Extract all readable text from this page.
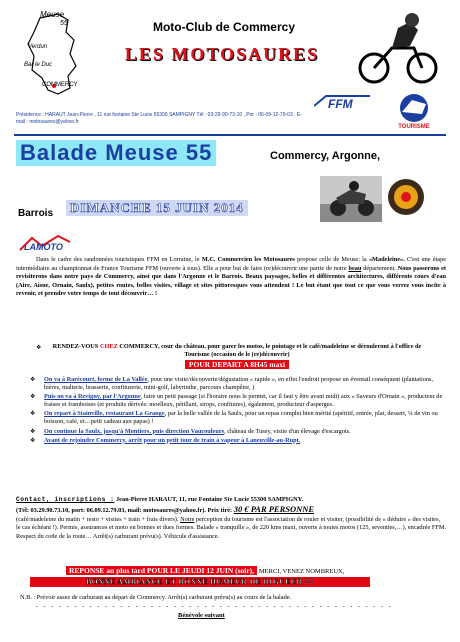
Meuse
55
Verdun
Bar le Duc
COMMERCY
Moto-Club de Commercy
LES MOTOSAURES
FFM
TOURISME
Présidence : HARAUT Jean-Pierre , 11 rue fontaine Ste Lucie 55300 SAMPIGNY Tél : 03-29-90-73-10 , Por : 06-09-12-79-03 , E-mail : motosaures@yahoo.fr
Balade Meuse 55	Commercy, Argonne,
Barrois	DIMANCHE 15 JUIN 2014
LAMOTO
Dans le cadre des randonnées touristiques FFM en Lorraine, le M.C. Commercien les Motosaures propose celle de Meuse: la «Madeleine». C'est une étape intermédiaire au championnat de France Tourisme FFM (ouverte à tous). Elle a pour but de faire (re)découvrir une partie de notre beau département. Nous passerons et revisiterons dans notre pays de Commercy, ainsi que dans l'Argonne et le Barrois. Beaux paysages, belles et différentes architectures, différents cours d'eau (Aire, Aisne, Ornain, Saulx), petites routes, belles visites, village et sites pittoresques vous attendent ! Le but étant que tout ce que vous verrez vous incite à revenir, et prendre votre temps de tout découvrir… !
❖	RENDEZ-VOUS CHEZ COMMERCY, cour du château, pour garer les motos, le pointage et le café/madeleine se dérouleront à l'office de Tourisme (occasion de le (re)découvrir)
POUR DEPART A 8H45 maxi
❖ On va à Rarécourt, ferme de La Vallée, pour une visite/découverte/dégustation « rapide », en effet l'endroit propose un éventail conséquent (plantations, bières, malterie, brasserie, confiturerie, mini-golf, labyrinthe, parcours champêtre, )
❖ Puis on va à Revigny, par l'Argonne, faire un petit passage (si l'horaire nous le permet, car il faut y être avant midi) aux « Saveurs d'Ornain », producteur de fraises et framboises (et produits dérivés: moelleux, pétillant, sirops, confitures), également, producteur d'asperges.
❖ On repart à Stainville, restaurant La Grange, par la belle vallée de la Saulx, pour un repas complet bien mérité (apéritif, entrée, plat, dessert, ¼ de vin ou boisson, café, et…petit cadeau aux papas) !
❖ On continue la Saulx, jusqu'à Montiers, puis direction Vaucouleurs, château de Tusey, visite d'un élevage d'escargots.
❖ Avant de rejoindre Commercy, arrêt pour un petit tour de train à vapeur à Laneuville-au-Rupt.
Contact, inscriptions : Jean-Pierre HARAUT, 11, rue Fontaine Ste Lucie 55300 SAMPIGNY.
(Tél: 03.29.90.73.10, port: 06.09.12.79.03, mail: motosaures@yahoo.fr). Prix tiré: 30 € PAR PERSONNE
(café/madeleine du matin + resto + visites + train + frais divers). Notre perception du tourisme est l'association de rouler et visiter, (possibilité de « déduire » des visites, le cas échéant !). Permis, assurances et moto en bonnes et dues formes. Balade « tranquille », de 220 kms maxi, ouverte à toutes motos (125, seventies,…), encadrée FFM. Respect du code de la route… Arrêt(s) carburant prévu(s). Véhicule d'assistance.
REPONSE au plus tard POUR LE JEUDI 12 JUIN (soir), MERCI, VENEZ NOMBREUX,
BONNE AMBIANCE ET BONNE HUMEUR DE RIGUEUR !!!
N.B. : Prévoir assez de carburant au départ de Commercy. Arrêt(s) carburant prévu(s) au cours de la balade.
- - - - - - - - - - - - - - - - - - - - - - - - - - - - - - - - - - - - - - - - - - - - - - -
Bénévole suivant
